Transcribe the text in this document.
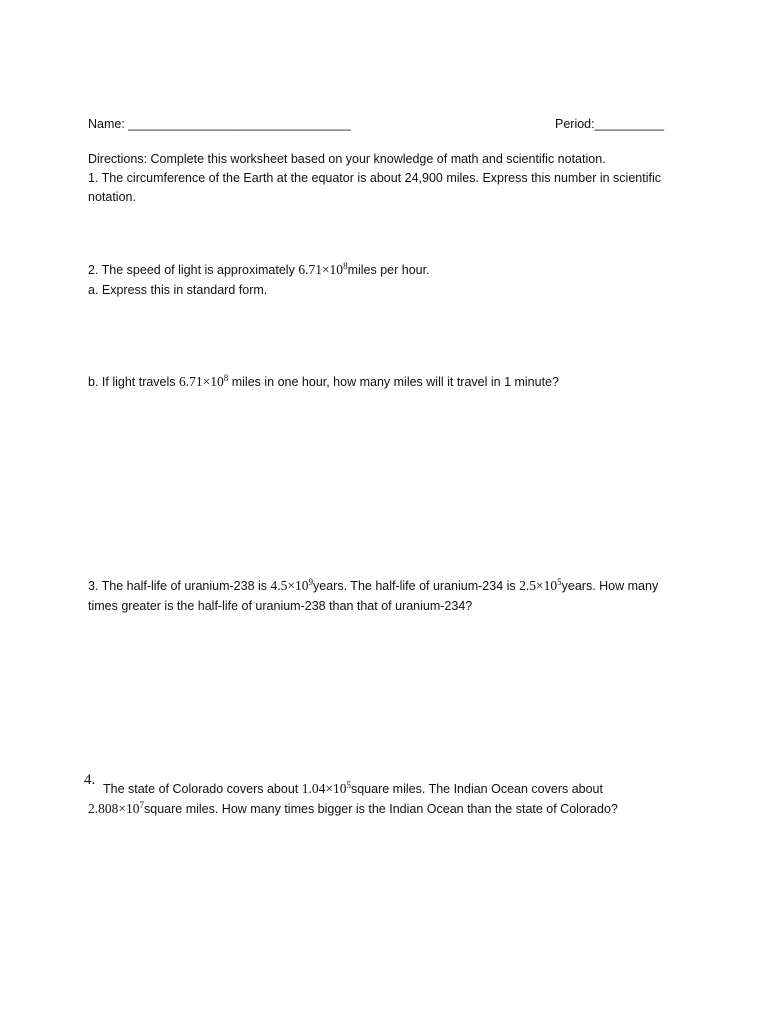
Name: ________________________________	Period:__________
Directions: Complete this worksheet based on your knowledge of math and scientific notation.
1. The circumference of the Earth at the equator is about 24,900 miles. Express this number in scientific
notation.
2. The speed of light is approximately $6.71\times 10^8miles$ per hour.
a. Express this in standard form.
b. If light travels $6.71\times 10^8$ miles in one hour, how many miles will it travel in 1 minute?
3. The half-life of uranium-238 is $4.5\times 10^9years$. The half-life of uranium-234 is $2.5\times 10^5years$. How many
times greater is the half-life of uranium-238 than that of uranium-234?
4.
The state of Colorado covers about $1.04\times 10^5square$ miles. The Indian Ocean covers about
$2.808\times 10^7square$ miles. How many times bigger is the Indian Ocean than the state of Colorado?
